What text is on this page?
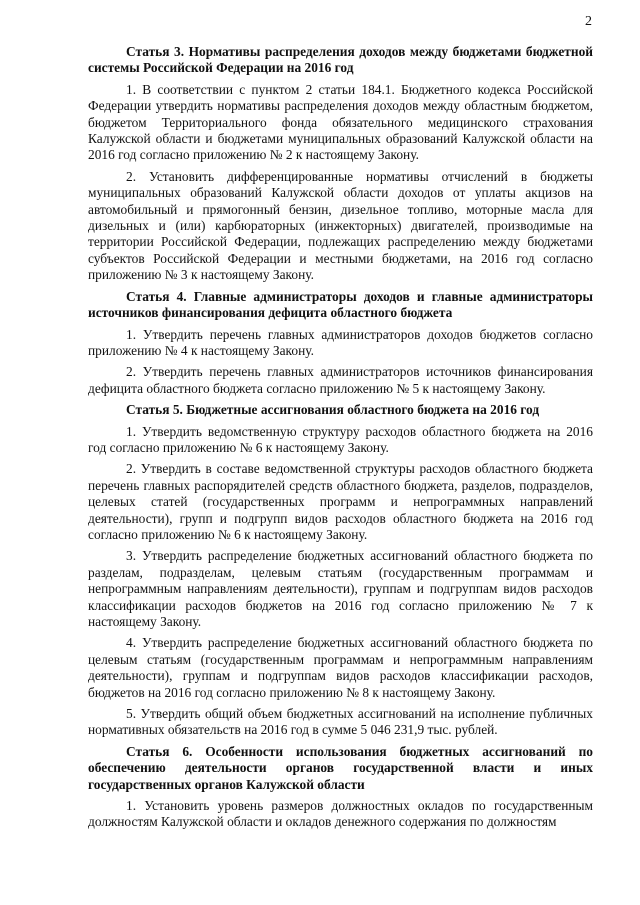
2
Статья 3. Нормативы распределения доходов между бюджетами бюджетной системы Российской Федерации на 2016 год
1. В соответствии с пунктом 2 статьи 184.1. Бюджетного кодекса Российской Федерации утвердить нормативы распределения доходов между областным бюджетом, бюджетом Территориального фонда обязательного медицинского страхования Калужской области и бюджетами муниципальных образований Калужской области на 2016 год согласно приложению № 2 к настоящему Закону.
2. Установить дифференцированные нормативы отчислений в бюджеты муниципальных образований Калужской области доходов от уплаты акцизов на автомобильный и прямогонный бензин, дизельное топливо, моторные масла для дизельных и (или) карбюраторных (инжекторных) двигателей, производимые на территории Российской Федерации, подлежащих распределению между бюджетами субъектов Российской Федерации и местными бюджетами, на 2016 год согласно приложению № 3 к настоящему Закону.
Статья 4. Главные администраторы доходов и главные администраторы источников финансирования дефицита областного бюджета
1. Утвердить перечень главных администраторов доходов бюджетов согласно приложению № 4 к настоящему Закону.
2. Утвердить перечень главных администраторов источников финансирования дефицита областного бюджета согласно приложению № 5 к настоящему Закону.
Статья 5. Бюджетные ассигнования областного бюджета на 2016 год
1. Утвердить ведомственную структуру расходов областного бюджета на 2016 год согласно приложению № 6 к настоящему Закону.
2. Утвердить в составе ведомственной структуры расходов областного бюджета перечень главных распорядителей средств областного бюджета, разделов, подразделов, целевых статей (государственных программ и непрограммных направлений деятельности), групп и подгрупп видов расходов областного бюджета на 2016 год согласно приложению № 6 к настоящему Закону.
3. Утвердить распределение бюджетных ассигнований областного бюджета по разделам, подразделам, целевым статьям (государственным программам и непрограммным направлениям деятельности), группам и подгруппам видов расходов классификации расходов бюджетов на 2016 год согласно приложению № 7 к настоящему Закону.
4. Утвердить распределение бюджетных ассигнований областного бюджета по целевым статьям (государственным программам и непрограммным направлениям деятельности), группам и подгруппам видов расходов классификации расходов, бюджетов на 2016 год согласно приложению № 8 к настоящему Закону.
5. Утвердить общий объем бюджетных ассигнований на исполнение публичных нормативных обязательств на 2016 год в сумме 5 046 231,9 тыс. рублей.
Статья 6. Особенности использования бюджетных ассигнований по обеспечению деятельности органов государственной власти и иных государственных органов Калужской области
1. Установить уровень размеров должностных окладов по государственным должностям Калужской области и окладов денежного содержания по должностям
